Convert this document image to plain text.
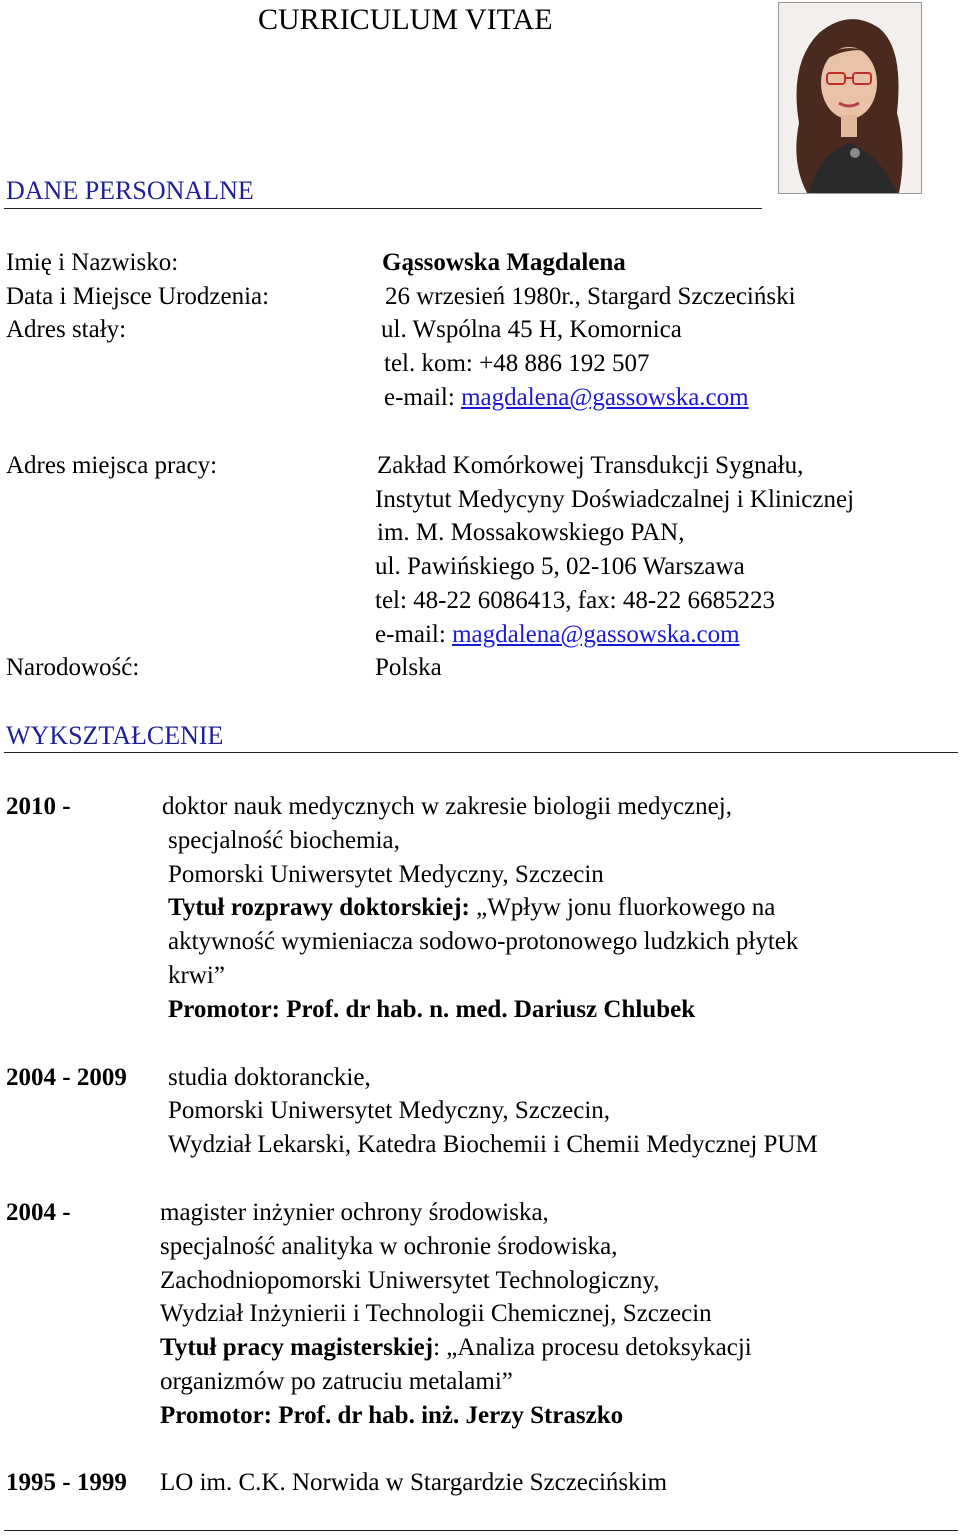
CURRICULUM VITAE
DANE PERSONALNE
Imię i Nazwisko:	Gąssowska Magdalena
Data i Miejsce Urodzenia:	26 wrzesień 1980r., Stargard Szczeciński
Adres stały:	ul. Wspólna 45 H, Komornica
tel. kom: +48 886 192 507
e-mail: magdalena@gassowska.com
Adres miejsca pracy:	Zakład Komórkowej Transdukcji Sygnału,
Instytut Medycyny Doświadczalnej i Klinicznej
im. M. Mossakowskiego PAN,
ul. Pawińskiego 5, 02-106 Warszawa
tel: 48-22 6086413, fax: 48-22 6685223
e-mail: magdalena@gassowska.com
Narodowość:	Polska
WYKSZTAŁCENIE
2010 -	doktor nauk medycznych w zakresie biologii medycznej,
specjalność biochemia,
Pomorski Uniwersytet Medyczny, Szczecin
Tytuł rozprawy doktorskiej: „Wpływ jonu fluorkowego na
aktywność wymieniacza sodowo-protonowego ludzkich płytek
krwi”
Promotor: Prof. dr hab. n. med. Dariusz Chlubek
2004 - 2009 studia doktoranckie,
Pomorski Uniwersytet Medyczny, Szczecin,
Wydział Lekarski, Katedra Biochemii i Chemii Medycznej PUM
2004 -	magister inżynier ochrony środowiska,
specjalność analityka w ochronie środowiska,
Zachodniopomorski Uniwersytet Technologiczny,
Wydział Inżynierii i Technologii Chemicznej, Szczecin
Tytuł pracy magisterskiej: „Analiza procesu detoksykacji
organizmów po zatruciu metalami”
Promotor: Prof. dr hab. inż. Jerzy Straszko
1995 - 1999 LO im. C.K. Norwida w Stargardzie Szczecińskim
